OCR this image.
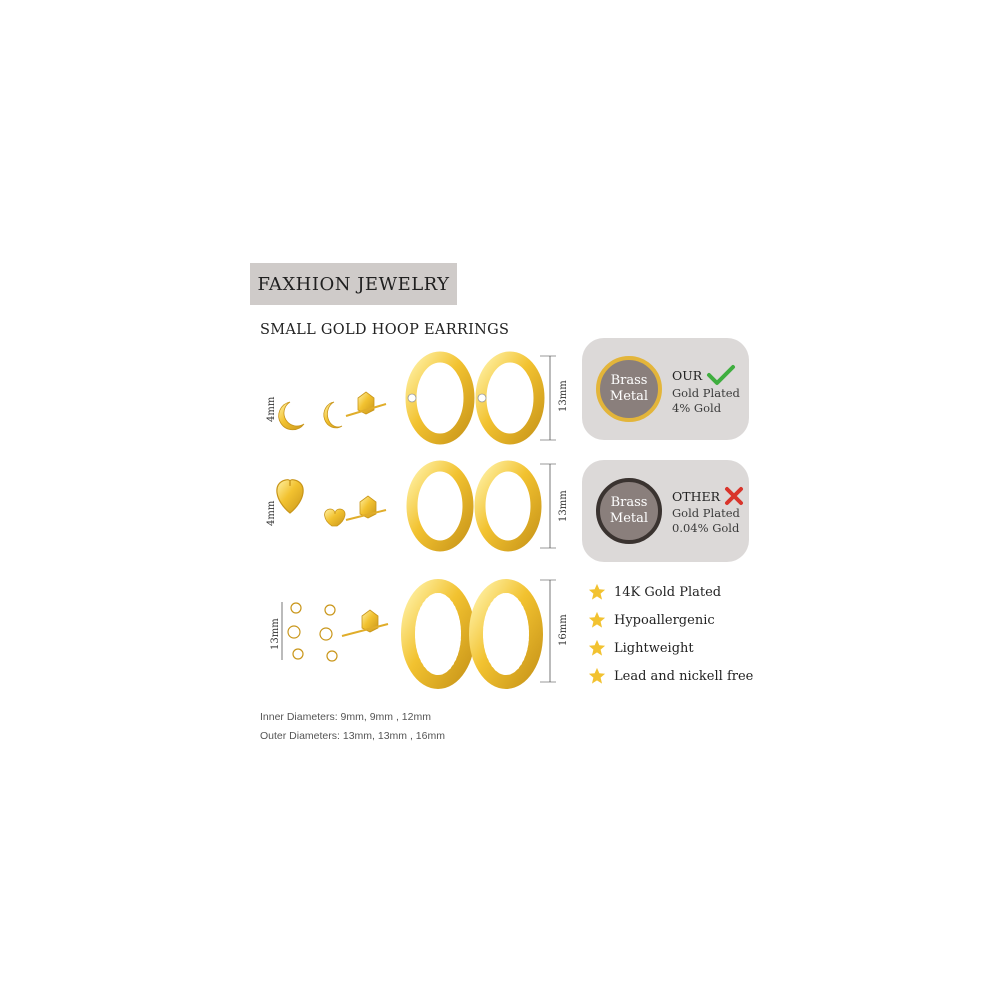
FAXHION JEWELRY
SMALL GOLD HOOP EARRINGS
4mm	13mm
4mm	13mm
13mm	16mm
Brass
Metal
OUR
Gold Plated
4% Gold
Brass
Metal
OTHER
Gold Plated
0.04% Gold
14K Gold Plated
Hypoallergenic
Lightweight
Lead and nickell free
Inner Diameters: 9mm, 9mm , 12mm
Outer Diameters: 13mm, 13mm , 16mm
